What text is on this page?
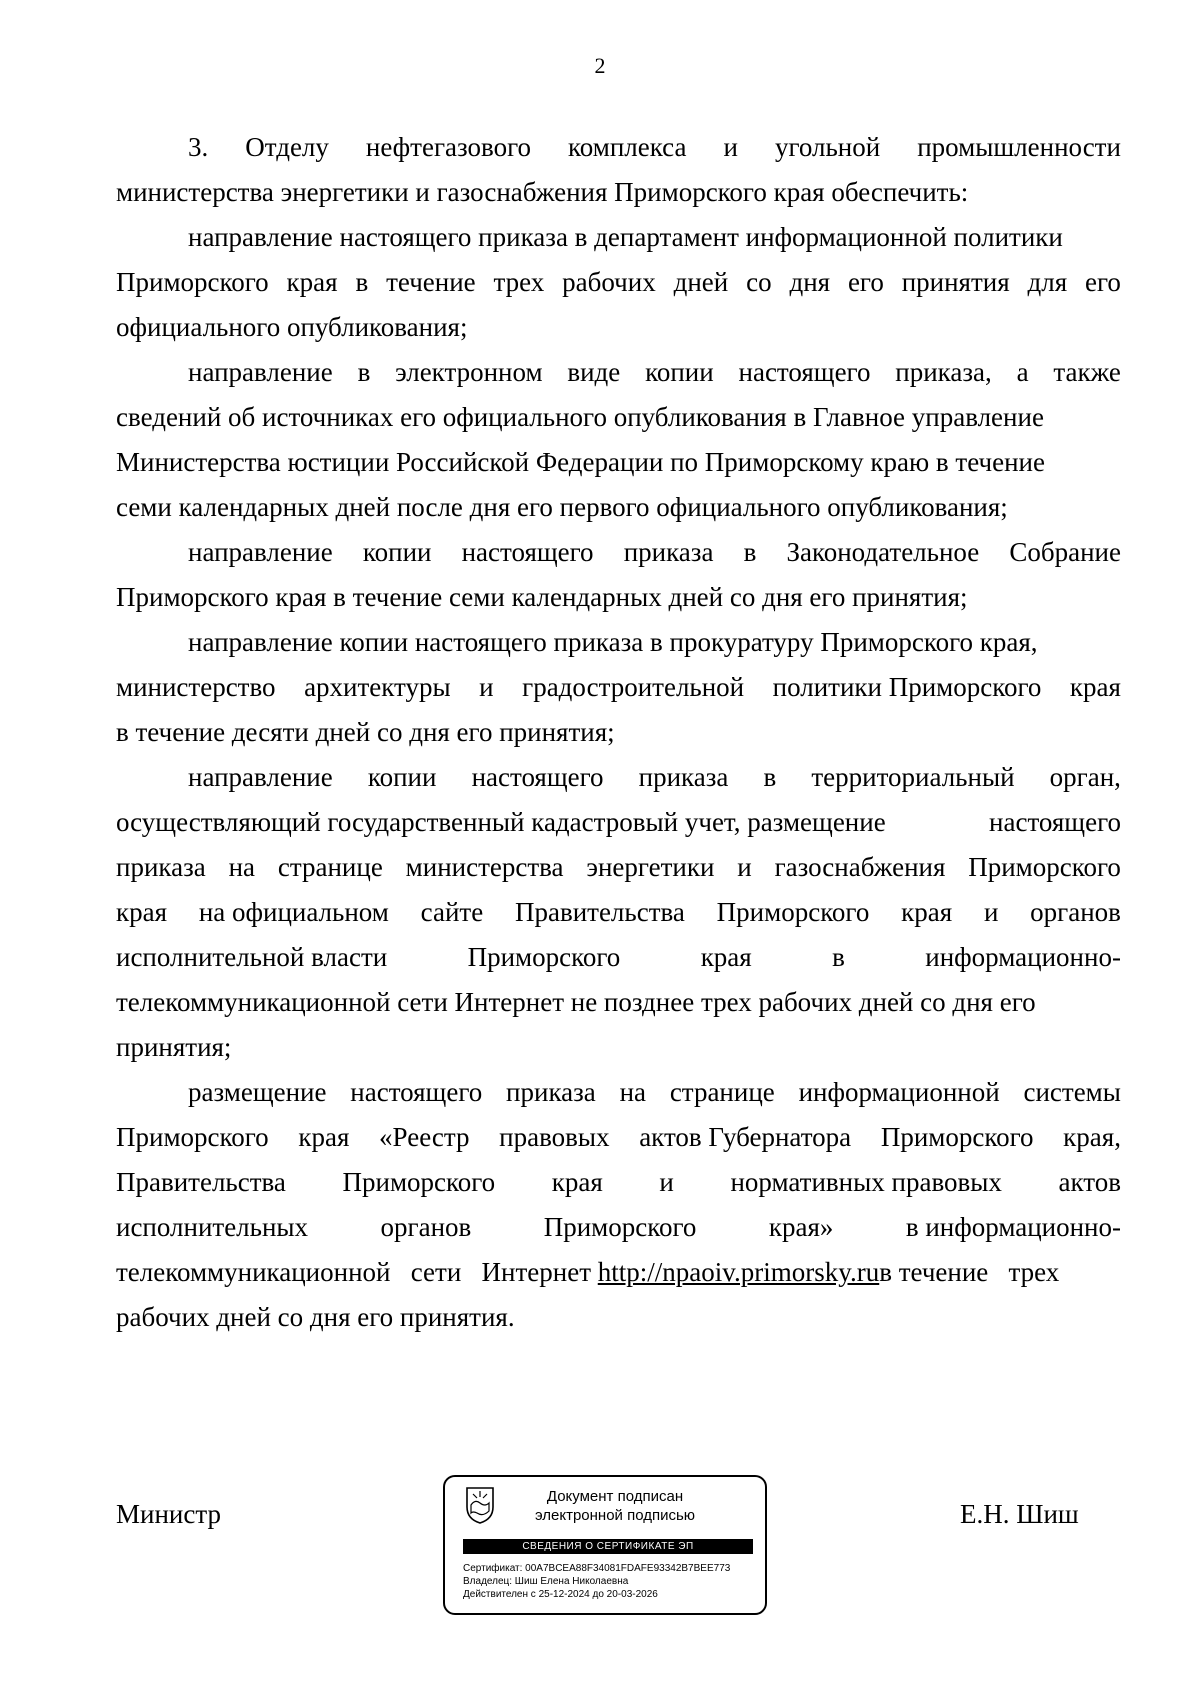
2
3. Отделу нефтегазового комплекса и угольной промышленности
министерства энергетики и газоснабжения Приморского края обеспечить:
направление настоящего приказа в департамент информационной политики
Приморского края в течение трех рабочих дней со дня его принятия для его
официального опубликования;
направление в электронном виде копии настоящего приказа, а также
сведений об источниках его официального опубликования в Главное управление
Министерства юстиции Российской Федерации по Приморскому краю в течение
семи календарных дней после дня его первого официального опубликования;
направление копии настоящего приказа в Законодательное Собрание
Приморского края в течение семи календарных дней со дня его принятия;
направление копии настоящего приказа в прокуратуру Приморского края,
министерство архитектуры и градостроительной политики Приморского края
в течение десяти дней со дня его принятия;
направление копии настоящего приказа в территориальный орган,
осуществляющий государственный кадастровый учет, размещение	настоящего
приказа на странице министерства энергетики и газоснабжения Приморского
края на официальном сайте Правительства Приморского края и органов
исполнительной власти	Приморского	края	в	информационно-
телекоммуникационной сети Интернет не позднее трех рабочих дней со дня его
принятия;
размещение настоящего приказа на странице информационной системы
Приморского края «Реестр правовых актов Губернатора Приморского края,
Правительства Приморского края и нормативных правовых актов
исполнительных	органов	Приморского	края»	в информационно-
телекоммуникационной   сети   Интернет http://npaoiv.primorsky.ruв течение   трех
рабочих дней со дня его принятия.
Министр
Документ подписан
электронной подписью
СВЕДЕНИЯ О СЕРТИФИКАТЕ ЭП
Сертификат: 00A7BCEA88F34081FDAFE93342B7BEE773
Владелец: Шиш Елена Николаевна
Действителен с 25-12-2024 до 20-03-2026
Е.Н. Шиш
